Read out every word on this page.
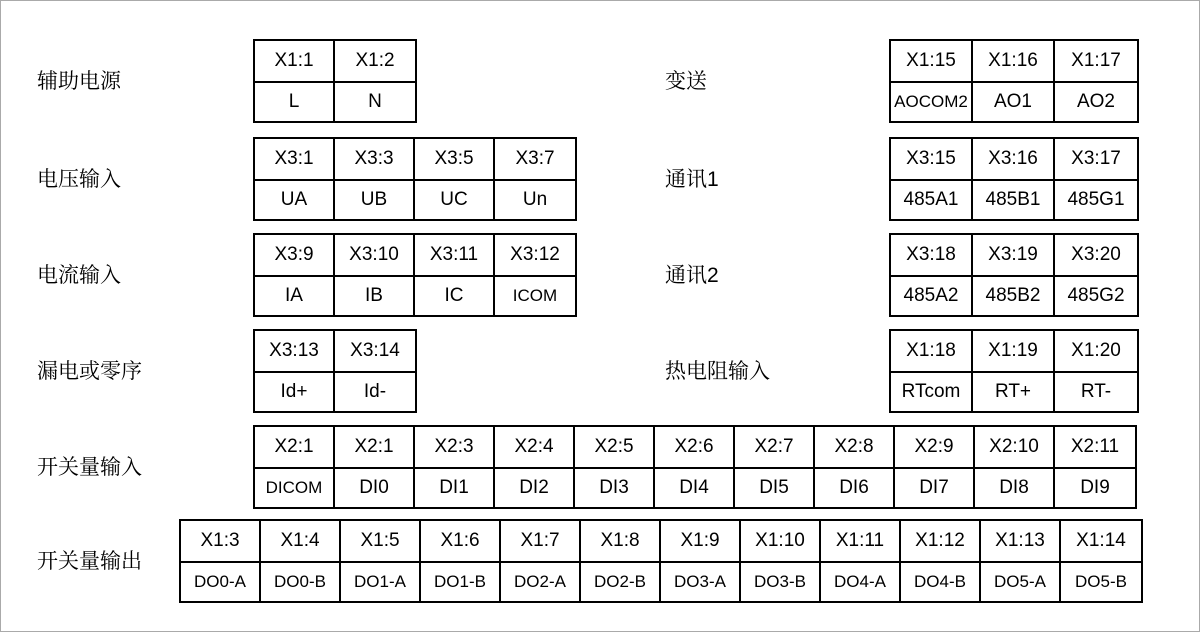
辅助电源
X1:1	X1:2
L	N
电压输入
X3:1	X3:3	X3:5	X3:7
UA	UB	UC	Un
电流输入
X3:9	X3:10	X3:11	X3:12
IA	IB	IC	ICOM
漏电或零序
X3:13	X3:14
Id+	Id-
开关量输入
X2:1	X2:1	X2:3	X2:4	X2:5	X2:6	X2:7	X2:8	X2:9	X2:10	X2:11
DICOM	DI0	DI1	DI2	DI3	DI4	DI5	DI6	DI7	DI8	DI9
开关量输出
X1:3	X1:4	X1:5	X1:6	X1:7	X1:8	X1:9	X1:10	X1:11	X1:12	X1:13	X1:14
DO0-A	DO0-B	DO1-A	DO1-B	DO2-A	DO2-B	DO3-A	DO3-B	DO4-A	DO4-B	DO5-A	DO5-B
变送
X1:15	X1:16	X1:17
AOCOM2	AO1	AO2
通讯1
X3:15	X3:16	X3:17
485A1	485B1	485G1
通讯2
X3:18	X3:19	X3:20
485A2	485B2	485G2
热电阻输入
X1:18	X1:19	X1:20
RTcom	RT+	RT-
